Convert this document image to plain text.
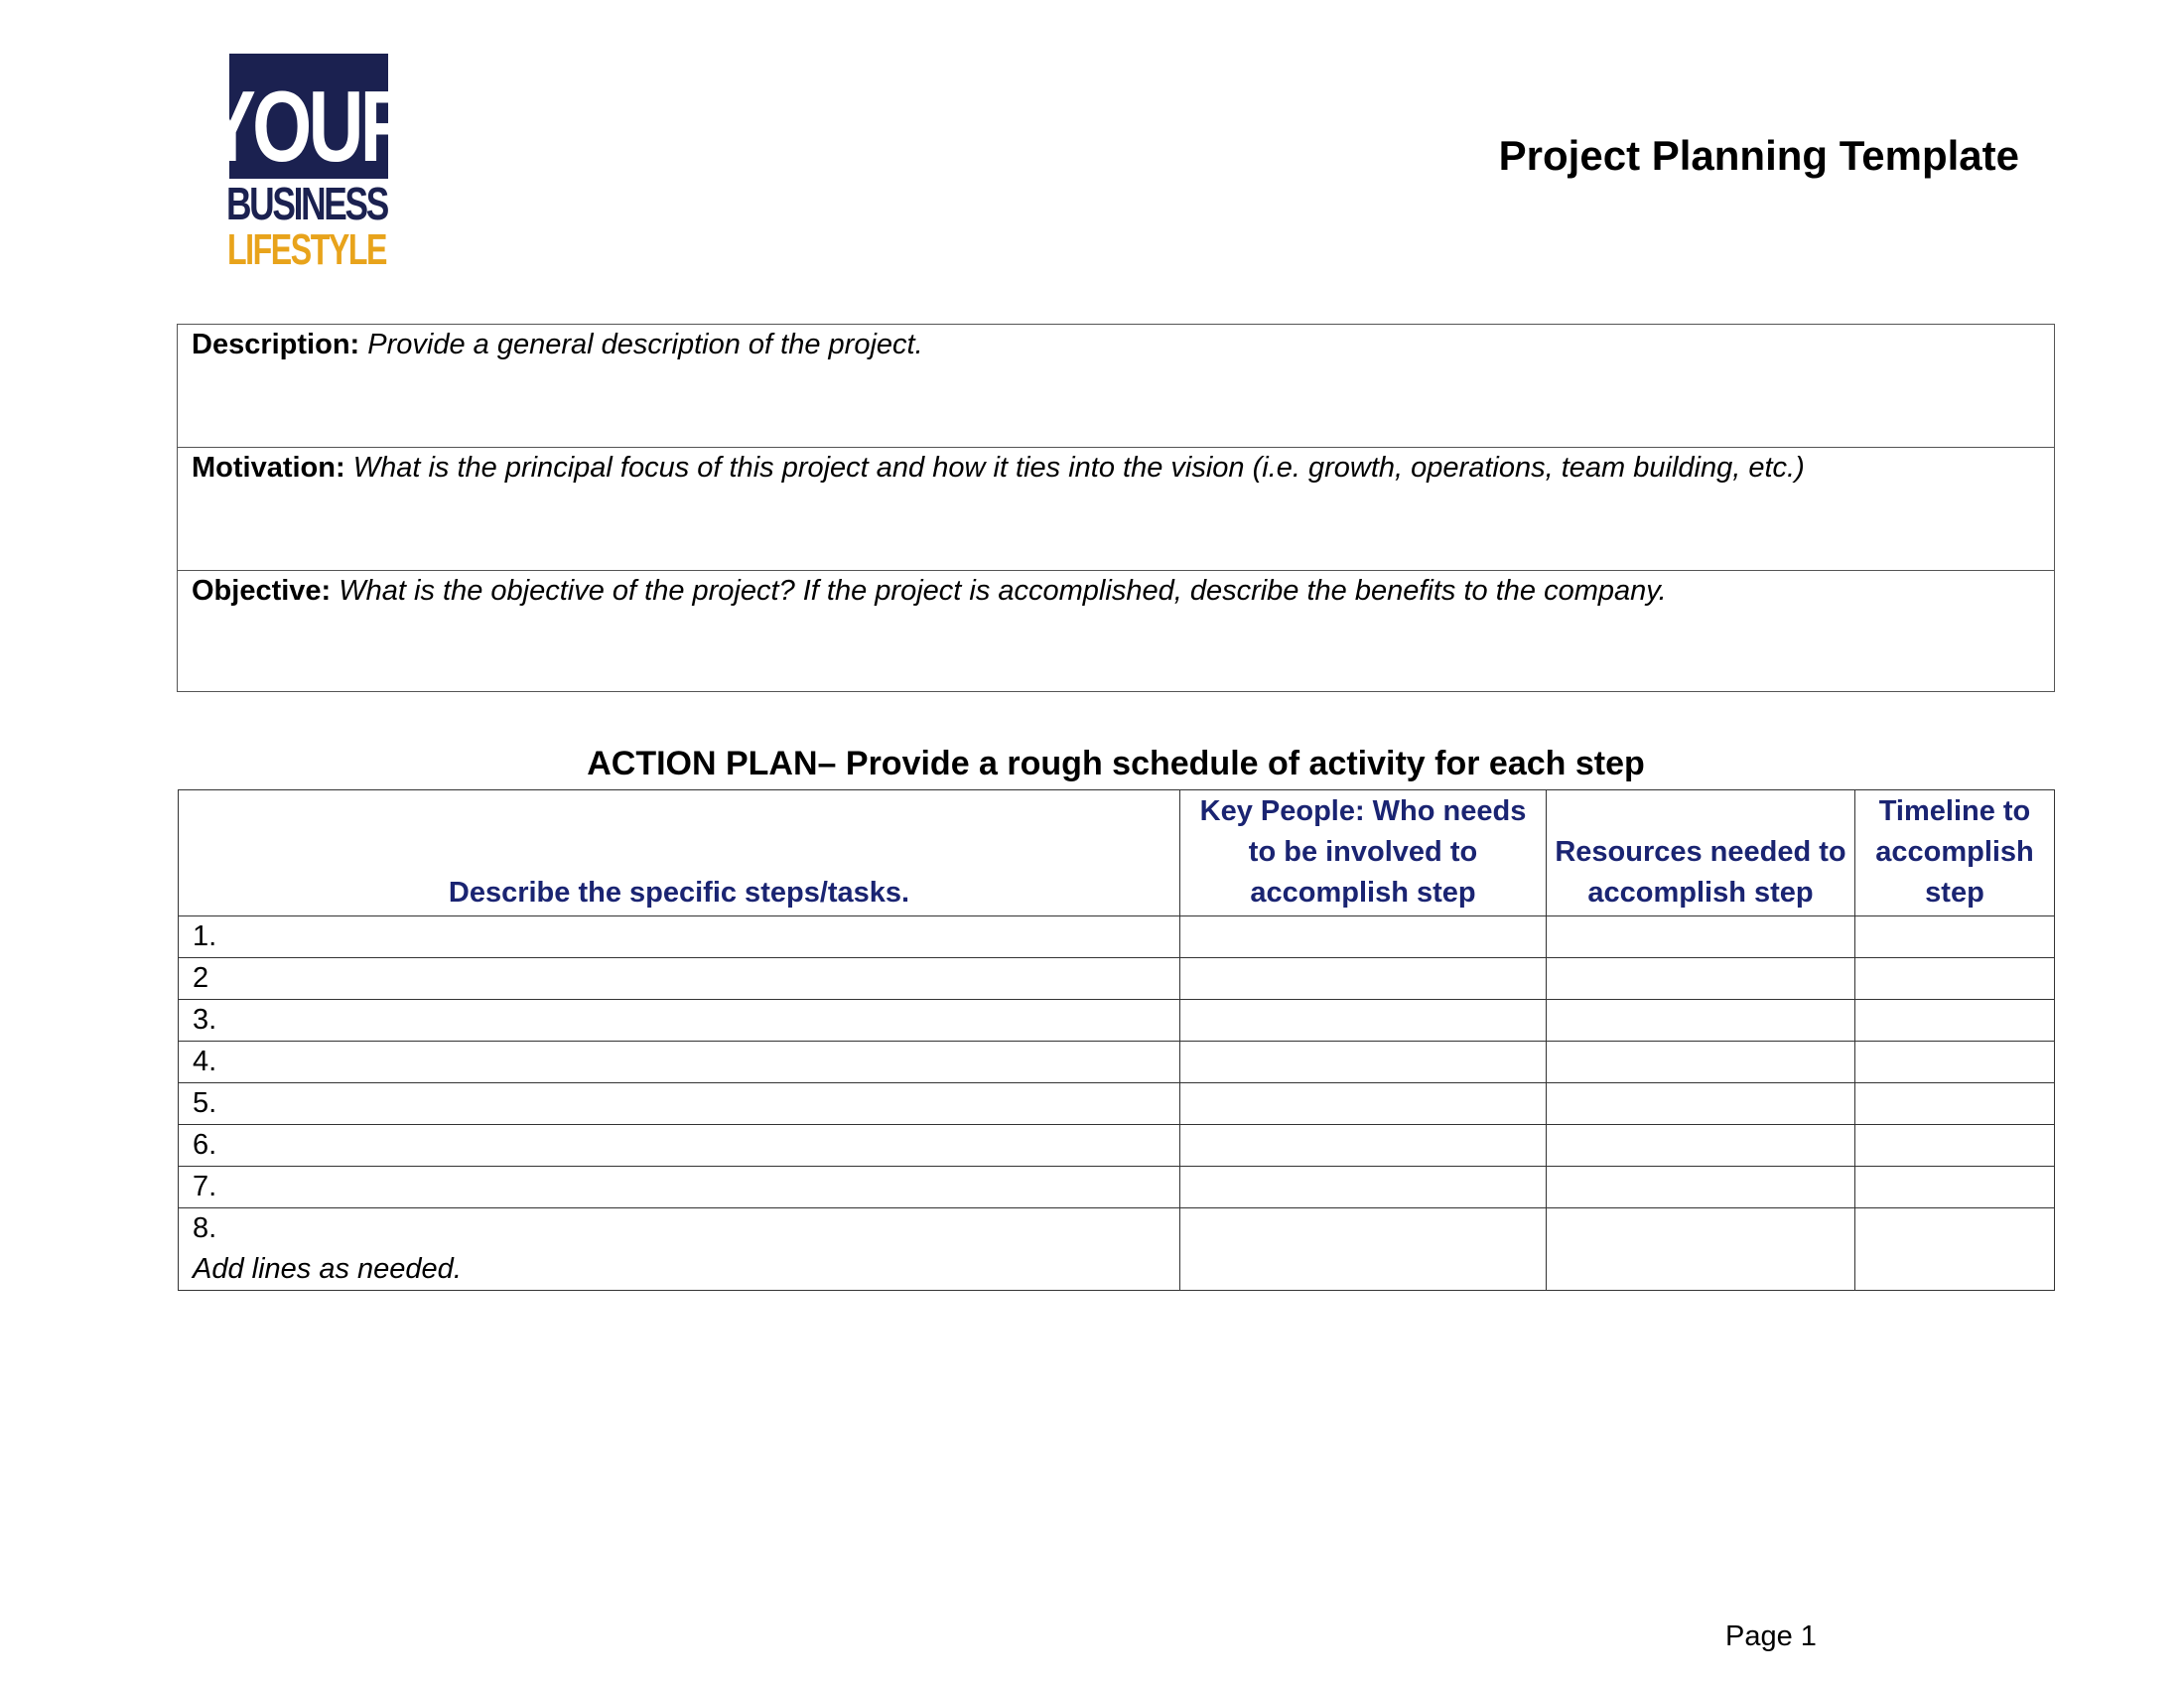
YOUR
BUSINESS
LIFESTYLE
Project Planning Template
Description: Provide a general description of the project.
Motivation: What is the principal focus of this project and how it ties into the vision (i.e. growth, operations, team building, etc.)
Objective: What is the objective of the project? If the project is accomplished, describe the benefits to the company.
ACTION PLAN– Provide a rough schedule of activity for each step
Describe the specific steps/tasks.	Key People: Who needs to be involved to accomplish step	Resources needed to accomplish step	Timeline to accomplish step
1.			
2			
3.			
4.			
5.			
6.			
7.			

8.
Add lines as needed.			

Page 1
